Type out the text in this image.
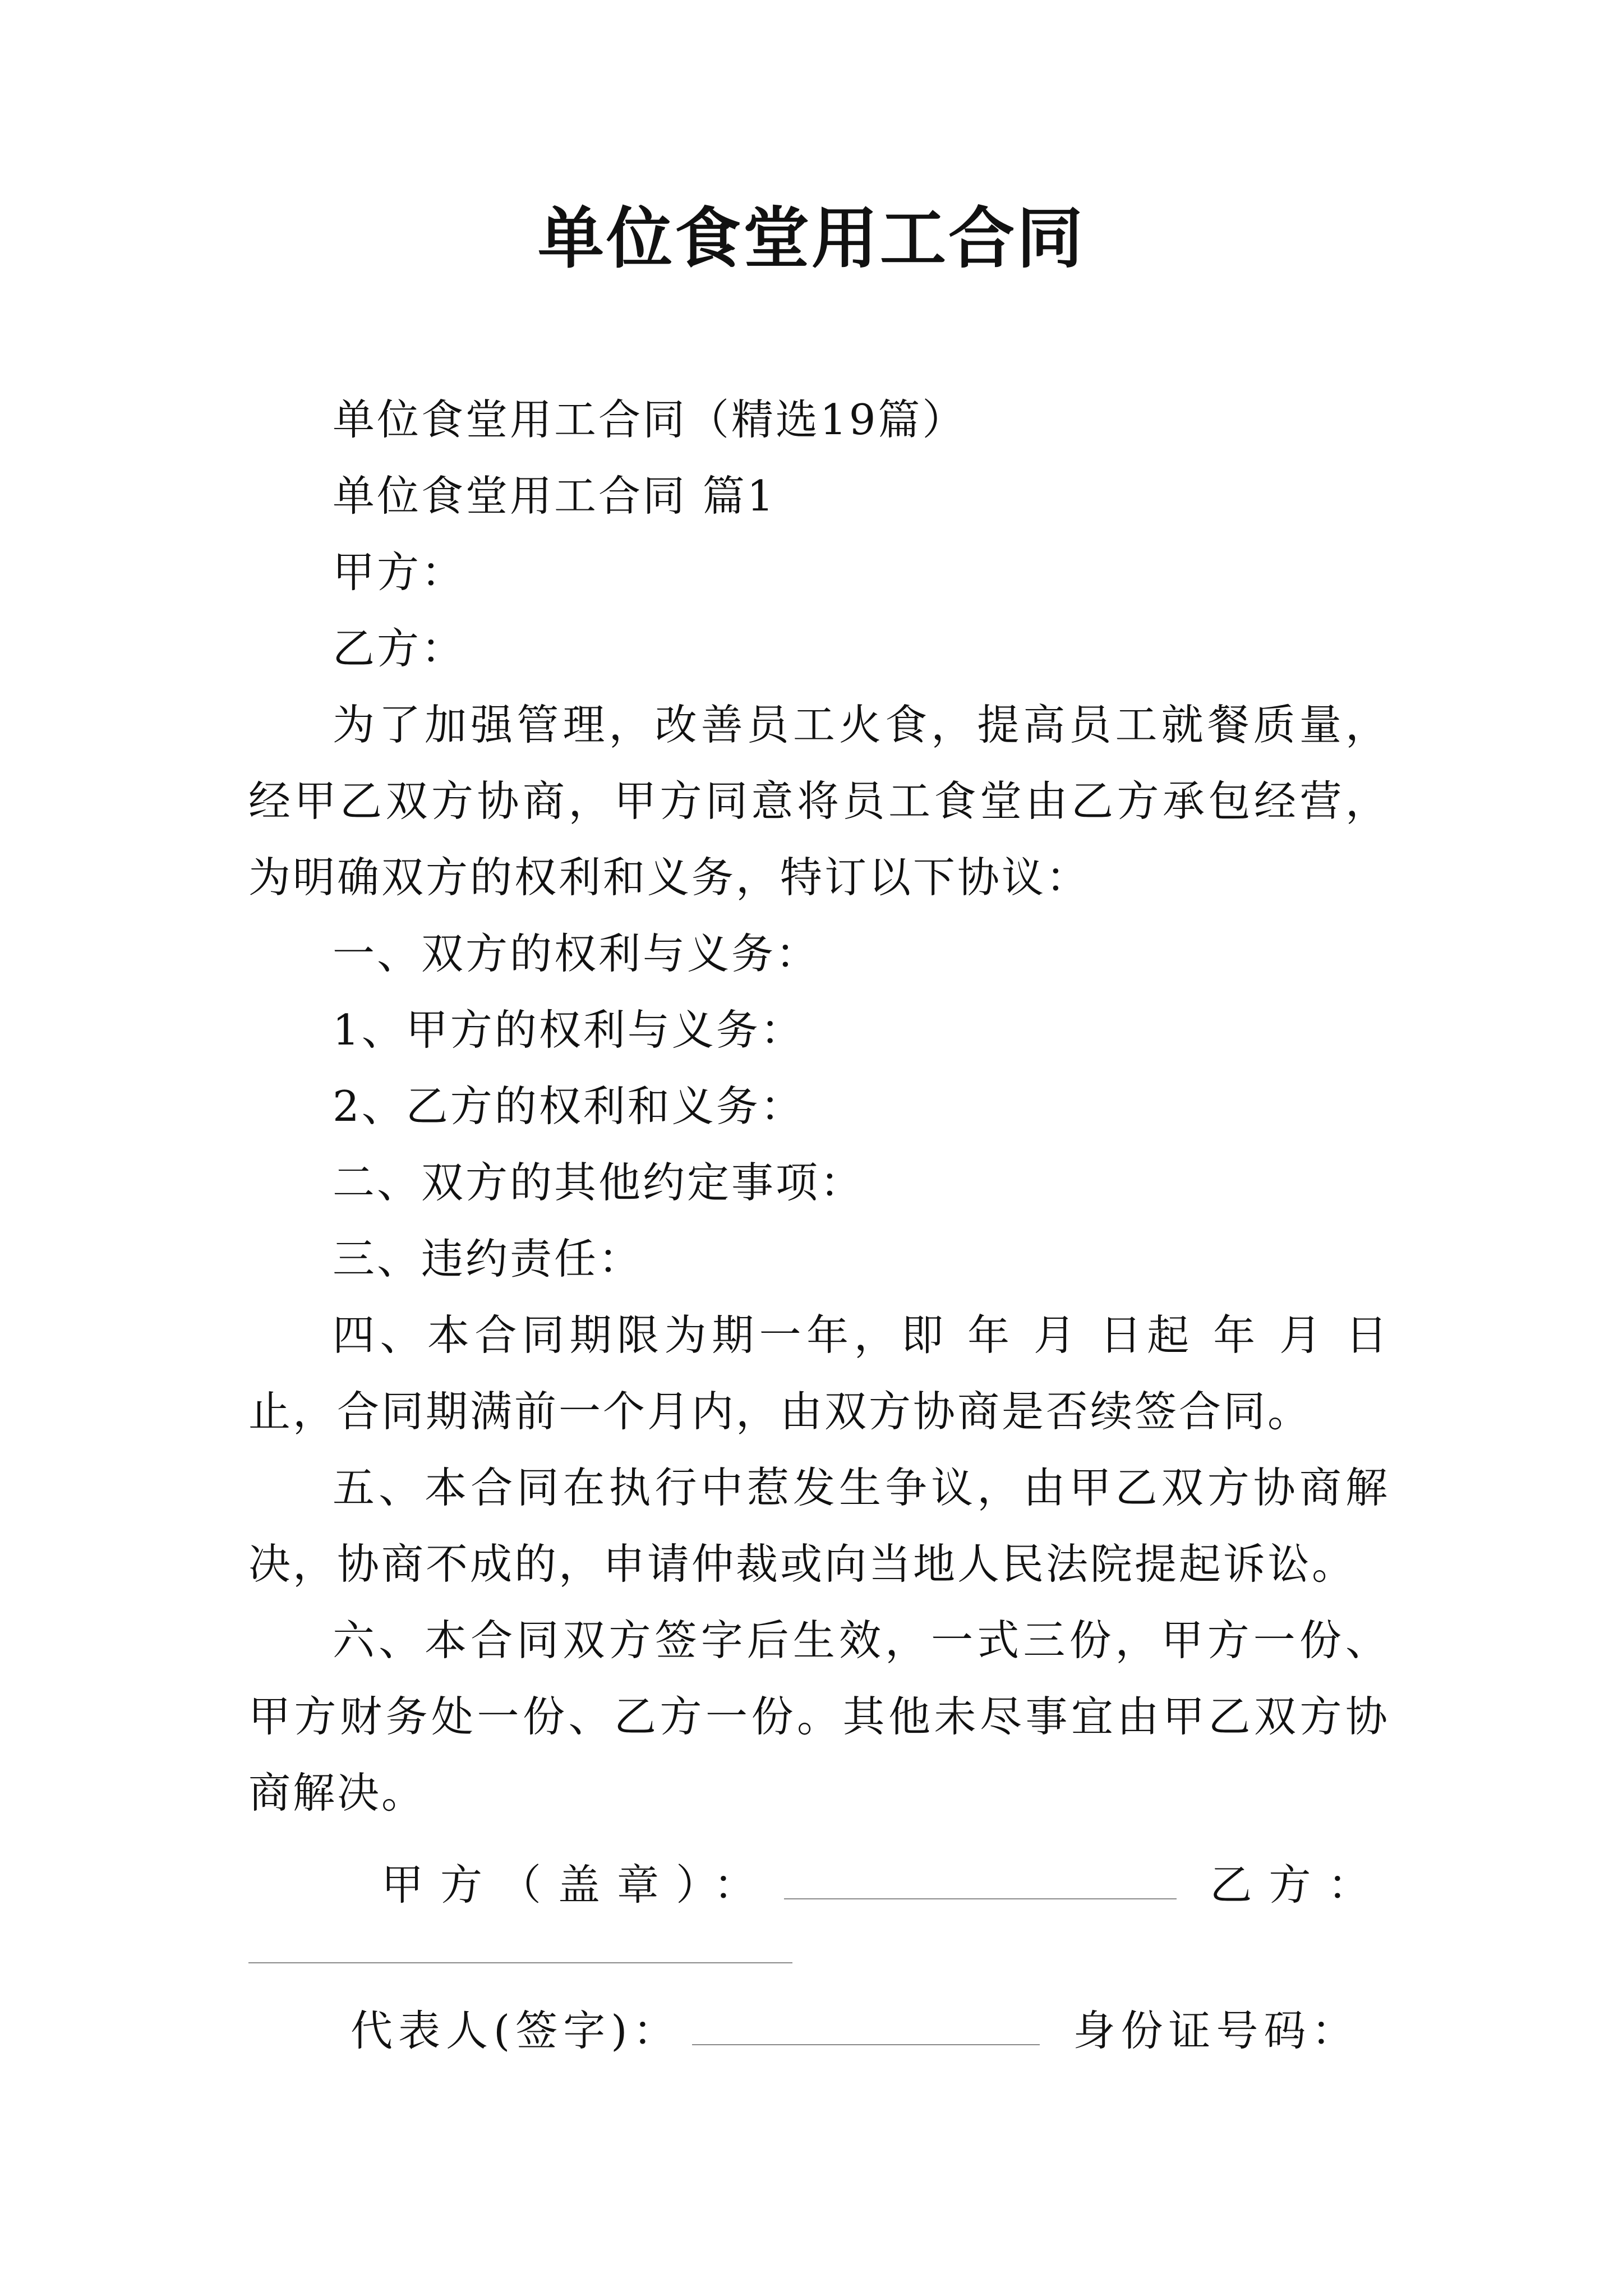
单位食堂用工合同

单位食堂用工合同（精选19篇）

单位食堂用工合同 篇1

甲方：

乙方：

为了加强管理，改善员工火食，提高员工就餐质量，经甲乙双方协商，甲方同意将员工食堂由乙方承包经营，为明确双方的权利和义务，特订以下协议：

一、双方的权利与义务：

1、甲方的权利与义务：

2、乙方的权利和义务：

二、双方的其他约定事项：

三、违约责任：

四、本合同期限为期一年，即 年 月 日起 年 月 日止，合同期满前一个月内，由双方协商是否续签合同。

五、本合同在执行中惹发生争议，由甲乙双方协商解决，协商不成的，申请仲裁或向当地人民法院提起诉讼。

六、本合同双方签字后生效，一式三份，甲方一份、甲方财务处一份、乙方一份。其他未尽事宜由甲乙双方协商解决。

甲方（盖章）：	乙方：
代表人(签字)：	身份证号码：
